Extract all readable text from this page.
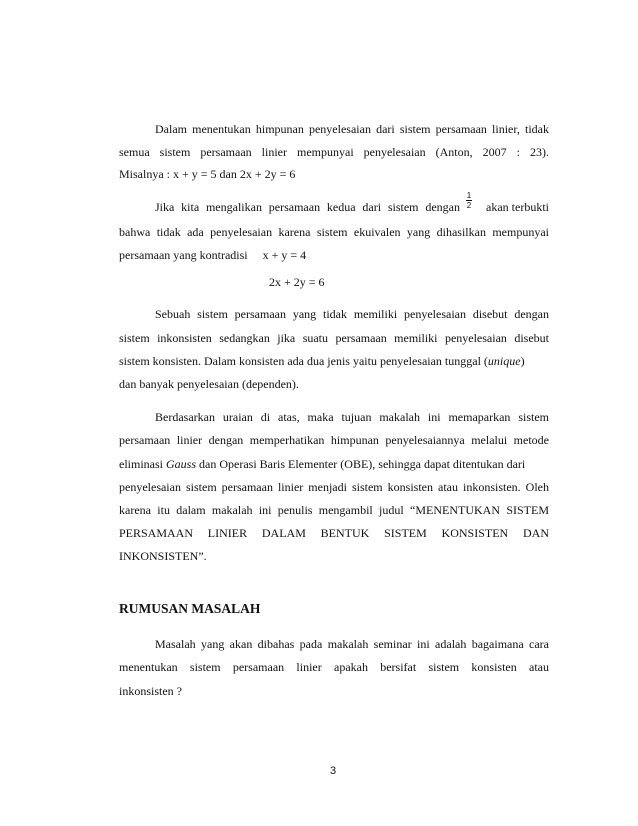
Dalam menentukan himpunan penyelesaian dari sistem persamaan linier, tidak
semua sistem persamaan linier mempunyai penyelesaian (Anton, 2007 : 23).
Misalnya : x + y = 5 dan 2x + 2y = 6
Jika kita mengalikan persamaan kedua dari sistem dengan
1
2	akan terbukti
bahwa tidak ada penyelesaian karena sistem ekuivalen yang dihasilkan mempunyai
persamaan yang kontradisi     x + y = 4
2x + 2y = 6
Sebuah sistem persamaan yang tidak memiliki penyelesaian disebut dengan
sistem inkonsisten sedangkan jika suatu persamaan memiliki penyelesaian disebut
sistem konsisten. Dalam konsisten ada dua jenis yaitu penyelesaian tunggal (unique)
dan banyak penyelesaian (dependen).
Berdasarkan uraian di atas, maka tujuan makalah ini memaparkan sistem
persamaan linier dengan memperhatikan himpunan penyelesaiannya melalui metode
eliminasi Gauss dan Operasi Baris Elementer (OBE), sehingga dapat ditentukan dari
penyelesaian sistem persamaan linier menjadi sistem konsisten atau inkonsisten. Oleh
karena itu dalam makalah ini penulis mengambil judul “MENENTUKAN SISTEM
PERSAMAAN LINIER DALAM BENTUK SISTEM KONSISTEN DAN
INKONSISTEN”.
RUMUSAN MASALAH
Masalah yang akan dibahas pada makalah seminar ini adalah bagaimana cara
menentukan sistem persamaan linier apakah bersifat sistem konsisten atau
inkonsisten ?
3
